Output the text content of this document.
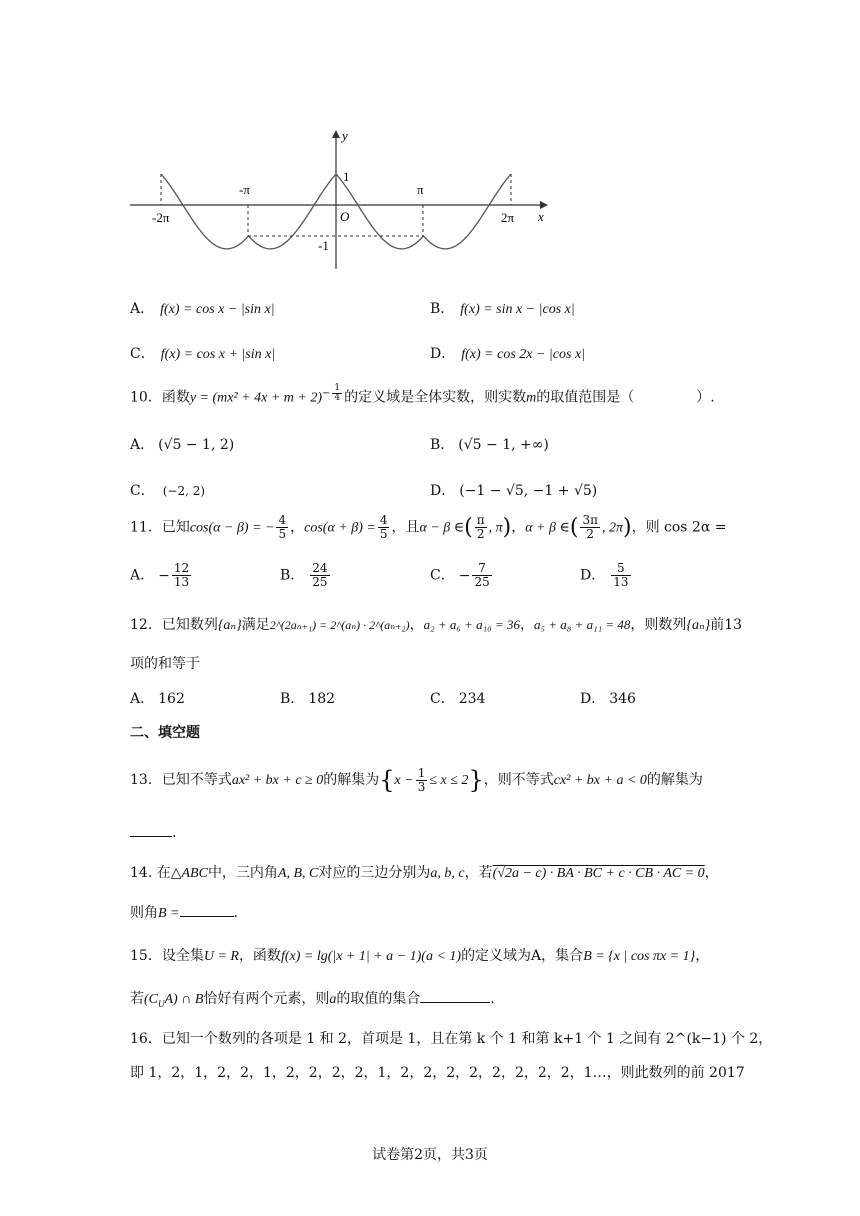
y
x
O
1
-1
-π	π
-2π	2π
A． f(x) = cos x − |sin x|	B． f(x) = sin x − |cos x|
C． f(x) = cos x + |sin x|	D． f(x) = cos 2x − |cos x|
10．函数$y = (mx^2 + 4x + m + 2)^{- \frac{1}{4}}$ 的定义域是全体实数，则实数m的取值范围是（	）.
A． (√5 − 1, 2)	B． (√5 − 1, +∞)
C． (−2, 2)	D． (−1 − √5, −1 + √5)
11．已知cos(α − β) = − $\frac{4}{5}$ ，$\cos(\alpha + \beta) = \frac{4}{5}$ ，且α − β ∈( $\frac{\pi}{2}$ , π)，α + β ∈( $\frac{3\pi}{2}$ , 2π)，则 cos 2α =
A． − $\frac{12}{13}$	B． $\frac{24}{25}$	C． − $\frac{7}{25}$	D． $\frac{5}{13}$
12．已知数列{aₙ}满足2^(2aₙ₊₁) = 2^(aₙ) · 2^(aₙ₊₂)，a₂ + a₆ + a₁₀ = 36，a₅ + a₈ + a₁₁ = 48，则数列{aₙ}前13
项的和等于
A． 162	B． 182	C． 234	D． 346
二、填空题
13．已知不等式ax² + bx + c ≥ 0的解集为$\{x - \frac{1}{3} \le x \le 2\}$，则不等式cx² + bx + a < 0的解集为
.
14. 在△ABC中，三内角A, B, C对应的三边分别为a, b, c，若(√2a − c) · BA · BC + c · CB · AC = 0，
则角B =	.
15．设全集U = R，函数f(x) = lg(|x + 1| + a − 1)(a < 1)的定义域为A，集合B = {x | cos πx = 1}，
若$(C_UA)$ ∩ B恰好有两个元素，则a的取值的集合	.
16．已知一个数列的各项是 1 和 2，首项是 1，且在第 k 个 1 和第 k+1 个 1 之间有 2^(k−1) 个 2，
即 1，2，1，2，2，1，2，2，2，2，1，2，2，2，2，2，2，2，2，1…，则此数列的前 2017
试卷第2页，共3页
